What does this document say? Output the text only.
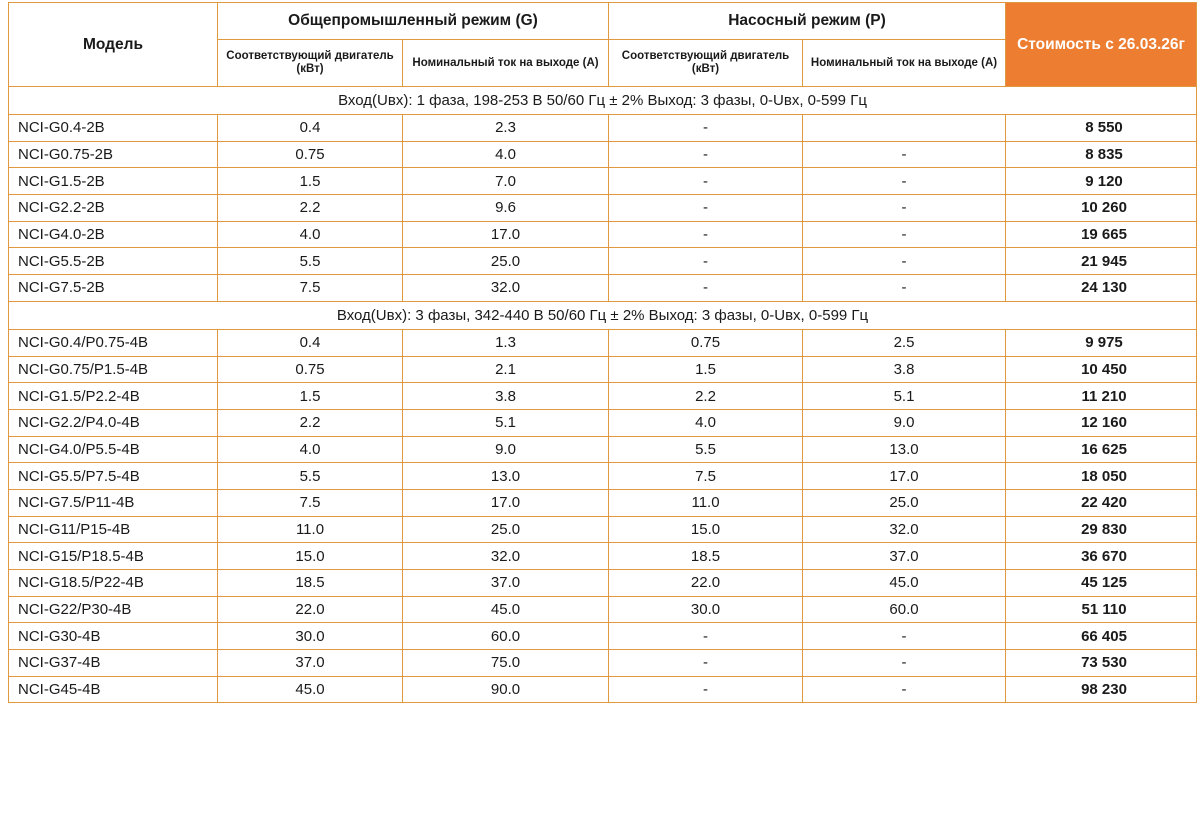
Модель	Общепромышленный режим (G)		Насосный режим (P)		Стоимость с 26.03.26г
	Соответствующий двигатель (кВт)	Номинальный ток на выходе (А)	Соответствующий двигатель (кВт)	Номинальный ток на выходе (А)	
Вход(Uвх): 1 фаза, 198-253 В 50/60 Гц ± 2% Выход: 3 фазы, 0-Uвх, 0-599 Гц					
NCI-G0.4-2B	0.4	2.3	-		8 550
NCI-G0.75-2B	0.75	4.0	-	-	8 835
NCI-G1.5-2B	1.5	7.0	-	-	9 120
NCI-G2.2-2B	2.2	9.6	-	-	10 260
NCI-G4.0-2B	4.0	17.0	-	-	19 665
NCI-G5.5-2B	5.5	25.0	-	-	21 945
NCI-G7.5-2B	7.5	32.0	-	-	24 130
Вход(Uвх): 3 фазы, 342-440 В 50/60 Гц ± 2% Выход: 3 фазы, 0-Uвх, 0-599 Гц					
NCI-G0.4/P0.75-4B	0.4	1.3	0.75	2.5	9 975
NCI-G0.75/P1.5-4B	0.75	2.1	1.5	3.8	10 450
NCI-G1.5/P2.2-4B	1.5	3.8	2.2	5.1	11 210
NCI-G2.2/P4.0-4B	2.2	5.1	4.0	9.0	12 160
NCI-G4.0/P5.5-4B	4.0	9.0	5.5	13.0	16 625
NCI-G5.5/P7.5-4B	5.5	13.0	7.5	17.0	18 050
NCI-G7.5/P11-4B	7.5	17.0	11.0	25.0	22 420
NCI-G11/P15-4B	11.0	25.0	15.0	32.0	29 830
NCI-G15/P18.5-4B	15.0	32.0	18.5	37.0	36 670
NCI-G18.5/P22-4B	18.5	37.0	22.0	45.0	45 125
NCI-G22/P30-4B	22.0	45.0	30.0	60.0	51 110
NCI-G30-4B	30.0	60.0	-	-	66 405
NCI-G37-4B	37.0	75.0	-	-	73 530
NCI-G45-4B	45.0	90.0	-	-	98 230
